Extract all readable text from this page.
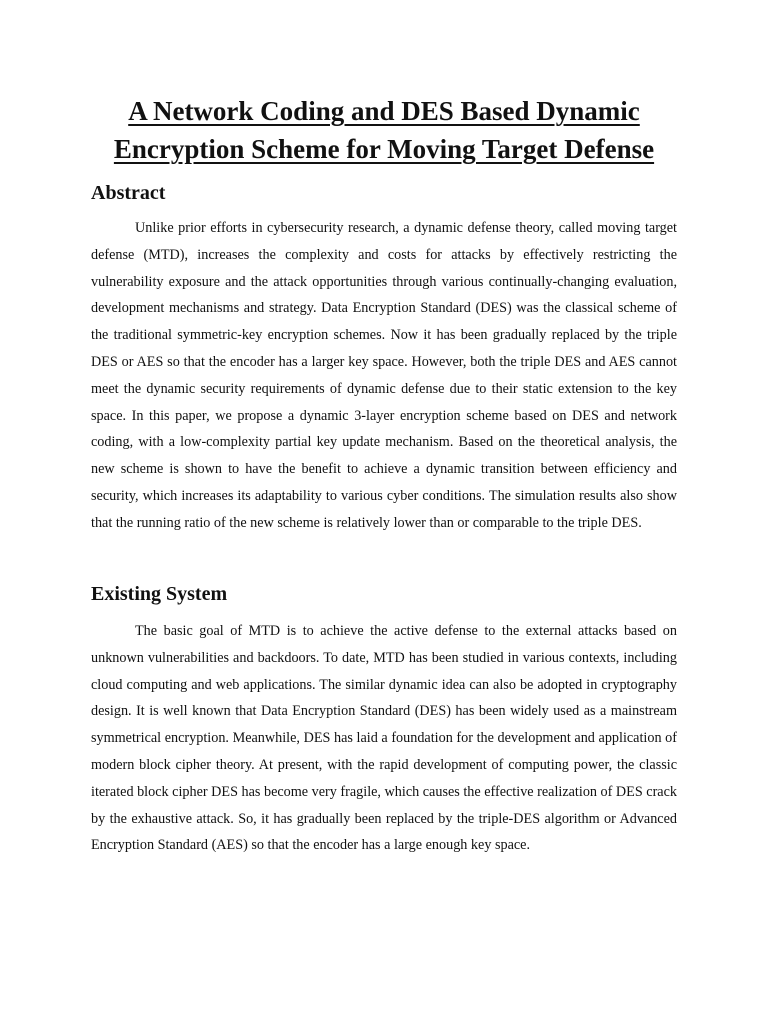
A Network Coding and DES Based Dynamic
Encryption Scheme for Moving Target Defense
Abstract

Unlike prior efforts in cybersecurity research, a dynamic defense theory, called moving target defense (MTD), increases the complexity and costs for attacks by effectively restricting the vulnerability exposure and the attack opportunities through various continually-changing evaluation, development mechanisms and strategy. Data Encryption Standard (DES) was the classical scheme of the traditional symmetric-key encryption schemes. Now it has been gradually replaced by the triple DES or AES so that the encoder has a larger key space. However, both the triple DES and AES cannot meet the dynamic security requirements of dynamic defense due to their static extension to the key space. In this paper, we propose a dynamic 3-layer encryption scheme based on DES and network coding, with a low-complexity partial key update mechanism. Based on the theoretical analysis, the new scheme is shown to have the benefit to achieve a dynamic transition between efficiency and security, which increases its adaptability to various cyber conditions. The simulation results also show that the running ratio of the new scheme is relatively lower than or comparable to the triple DES.

Existing System

The basic goal of MTD is to achieve the active defense to the external attacks based on unknown vulnerabilities and backdoors. To date, MTD has been studied in various contexts, including cloud computing and web applications. The similar dynamic idea can also be adopted in cryptography design. It is well known that Data Encryption Standard (DES) has been widely used as a mainstream symmetrical encryption. Meanwhile, DES has laid a foundation for the development and application of modern block cipher theory. At present, with the rapid development of computing power, the classic iterated block cipher DES has become very fragile, which causes the effective realization of DES crack by the exhaustive attack. So, it has gradually been replaced by the triple-DES algorithm or Advanced Encryption Standard (AES) so that the encoder has a large enough key space.
